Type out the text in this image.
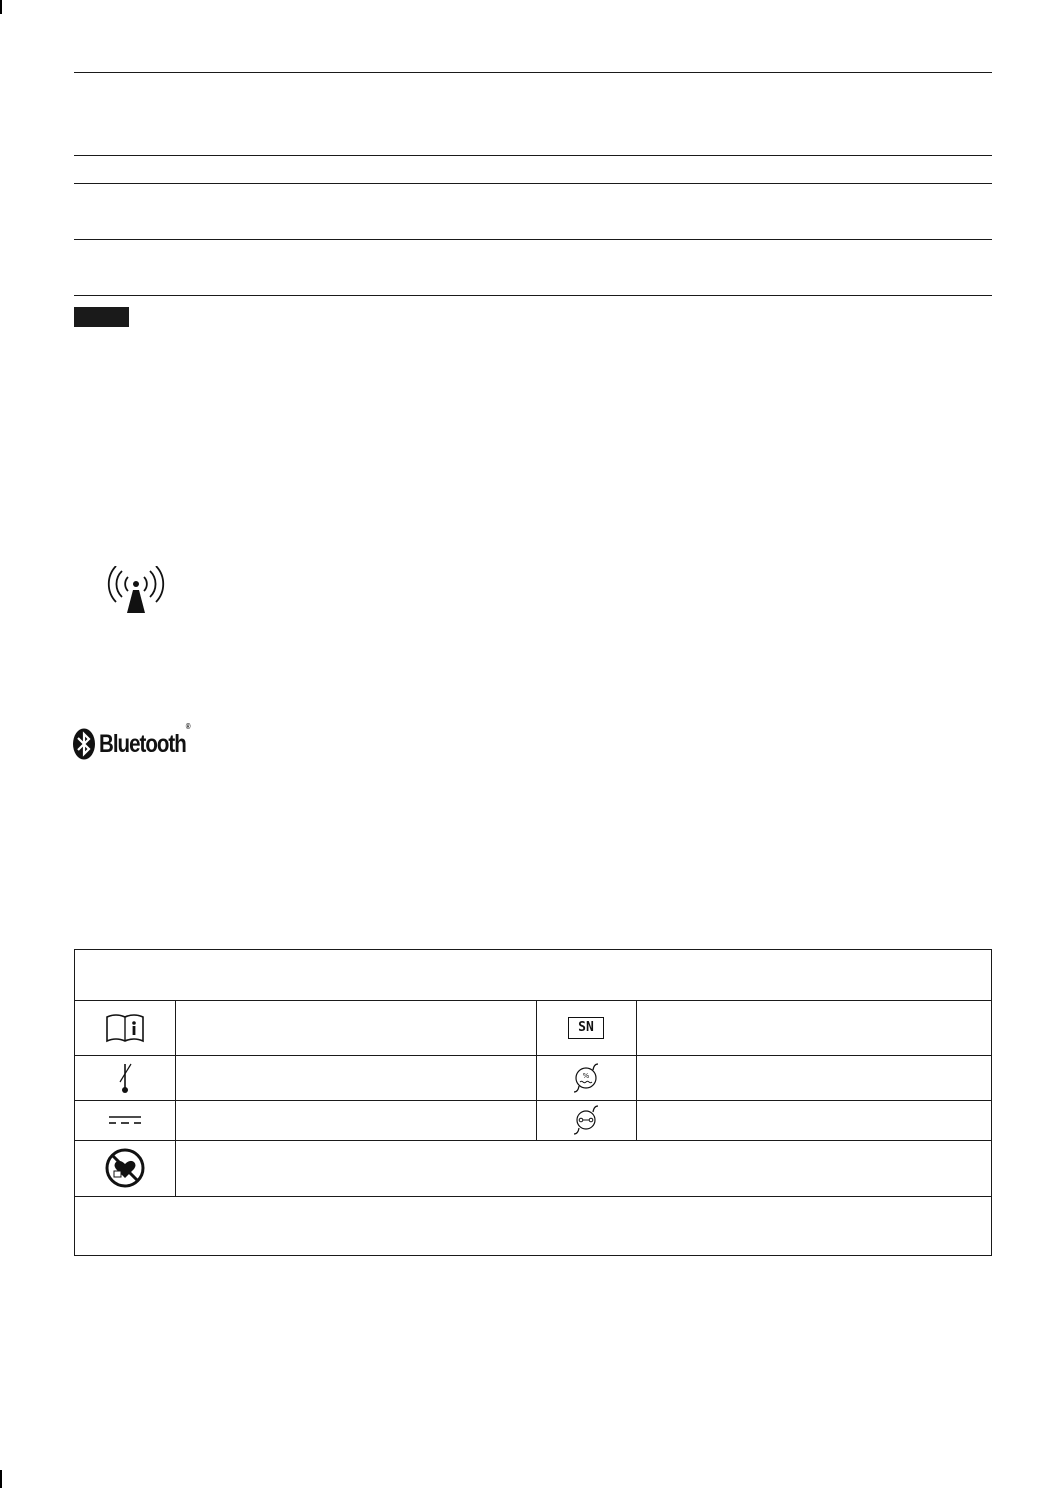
Bluetooth®
SN
%
